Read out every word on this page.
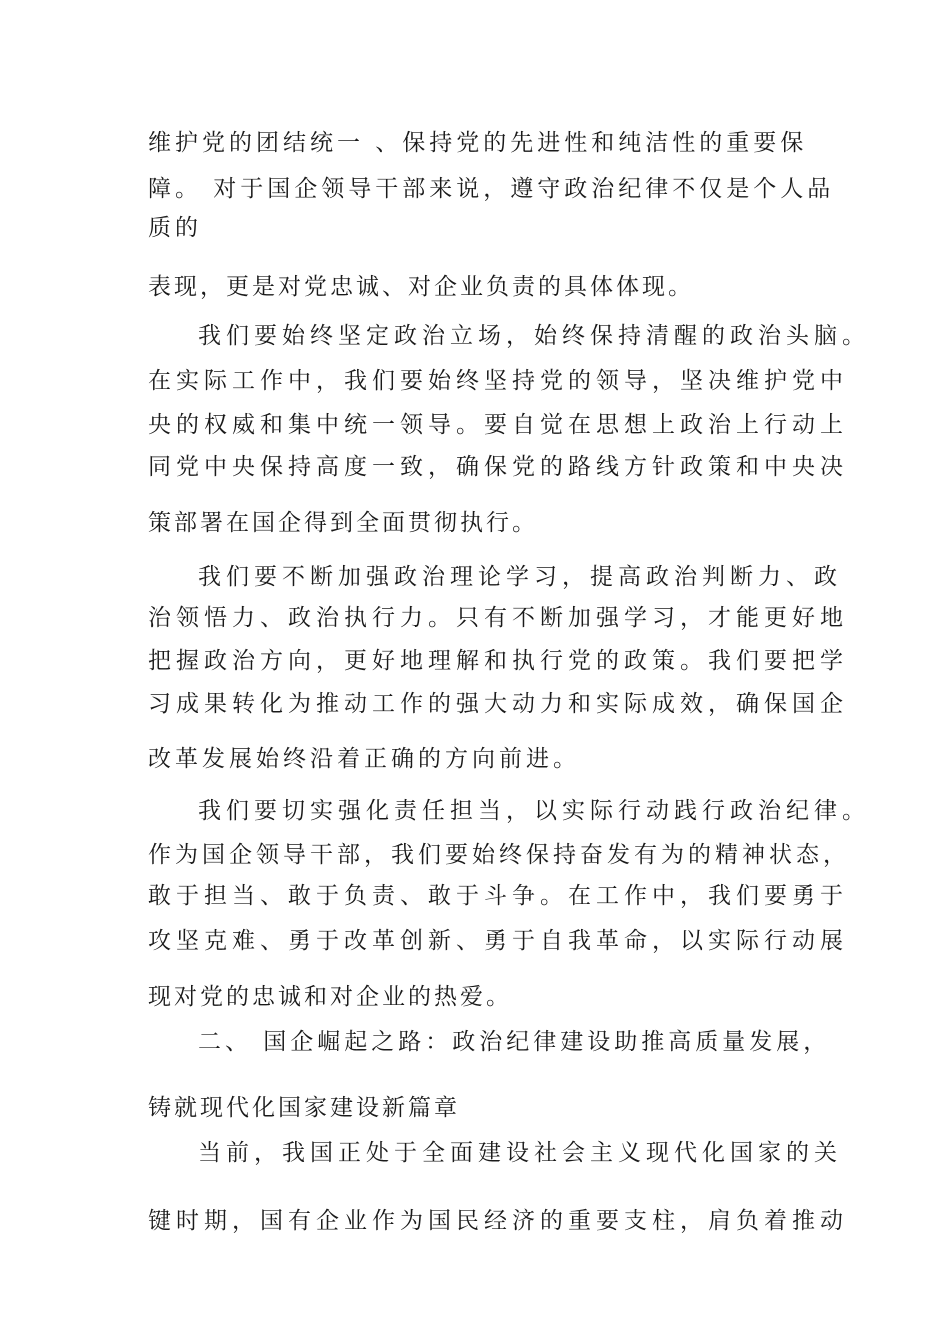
维护党的团结统一 、保持党的先进性和纯洁性的重要保
障。 对于国企领导干部来说，遵守政治纪律不仅是个人品
质的
表现，更是对党忠诚、对企业负责的具体体现。
我们要始终坚定政治立场，始终保持清醒的政治头脑。
在实际工作中，我们要始终坚持党的领导，坚决维护党中
央的权威和集中统一领导。要自觉在思想上政治上行动上
同党中央保持高度一致，确保党的路线方针政策和中央决
策部署在国企得到全面贯彻执行。
我们要不断加强政治理论学习，提高政治判断力、政
治领悟力、政治执行力。只有不断加强学习，才能更好地
把握政治方向，更好地理解和执行党的政策。我们要把学
习成果转化为推动工作的强大动力和实际成效，确保国企
改革发展始终沿着正确的方向前进。
我们要切实强化责任担当，以实际行动践行政治纪律。
作为国企领导干部，我们要始终保持奋发有为的精神状态，
敢于担当、敢于负责、敢于斗争。在工作中，我们要勇于
攻坚克难、勇于改革创新、勇于自我革命，以实际行动展
现对党的忠诚和对企业的热爱。
二、 国企崛起之路：政治纪律建设助推高质量发展，
铸就现代化国家建设新篇章
当前，我国正处于全面建设社会主义现代化国家的关
键时期，国有企业作为国民经济的重要支柱，肩负着推动
